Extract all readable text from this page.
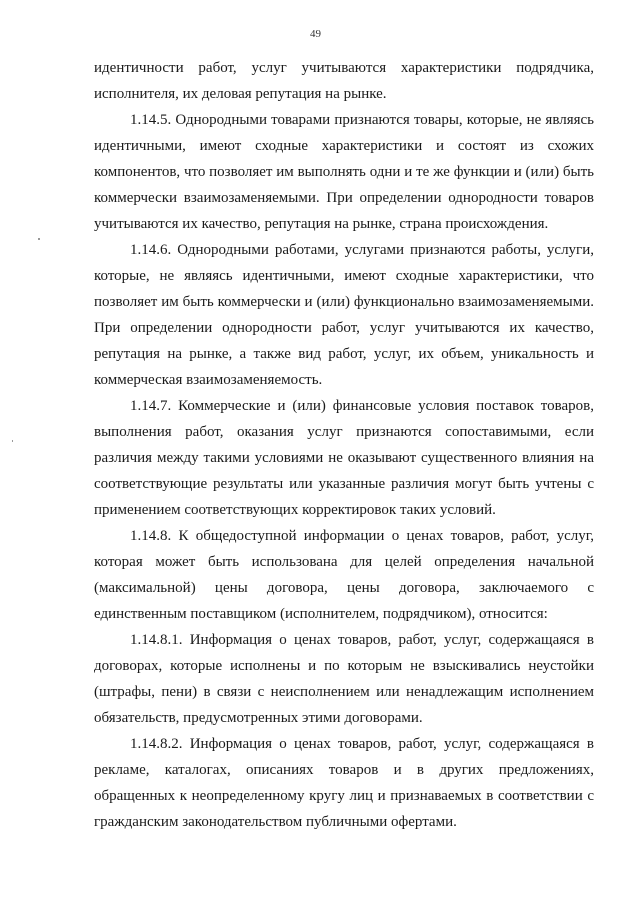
49

идентичности работ, услуг учитываются характеристики подрядчика, исполнителя, их деловая репутация на рынке.

1.14.5. Однородными товарами признаются товары, которые, не являясь идентичными, имеют сходные характеристики и состоят из схожих компонентов, что позволяет им выполнять одни и те же функции и (или) быть коммерчески взаимозаменяемыми. При определении однородности товаров учитываются их качество, репутация на рынке, страна происхождения.

1.14.6. Однородными работами, услугами признаются работы, услуги, которые, не являясь идентичными, имеют сходные характеристики, что позволяет им быть коммерчески и (или) функционально взаимозаменяемыми. При определении однородности работ, услуг учитываются их качество, репутация на рынке, а также вид работ, услуг, их объем, уникальность и коммерческая взаимозаменяемость.

1.14.7. Коммерческие и (или) финансовые условия поставок товаров, выполнения работ, оказания услуг признаются сопоставимыми, если различия между такими условиями не оказывают существенного влияния на соответствующие результаты или указанные различия могут быть учтены с применением соответствующих корректировок таких условий.

1.14.8. К общедоступной информации о ценах товаров, работ, услуг, которая может быть использована для целей определения начальной (максимальной) цены договора, цены договора, заключаемого с единственным поставщиком (исполнителем, подрядчиком), относится:

1.14.8.1. Информация о ценах товаров, работ, услуг, содержащаяся в договорах, которые исполнены и по которым не взыскивались неустойки (штрафы, пени) в связи с неисполнением или ненадлежащим исполнением обязательств, предусмотренных этими договорами.

1.14.8.2. Информация о ценах товаров, работ, услуг, содержащаяся в рекламе, каталогах, описаниях товаров и в других предложениях, обращенных к неопределенному кругу лиц и признаваемых в соответствии с гражданским законодательством публичными офертами.
